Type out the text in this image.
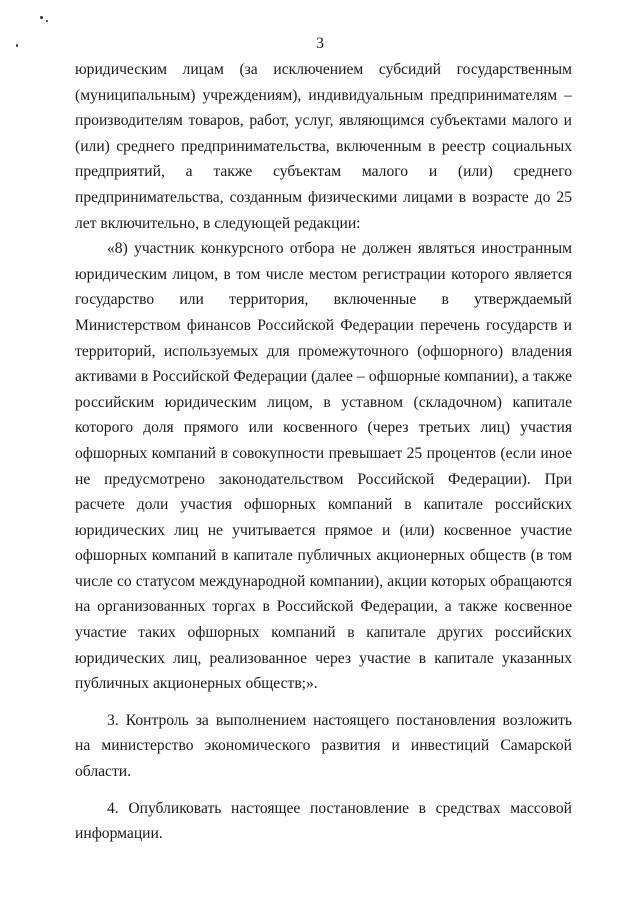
3

юридическим лицам (за исключением субсидий государственным (муниципальным) учреждениям), индивидуальным предпринимателям – производителям товаров, работ, услуг, являющимся субъектами малого и (или) среднего предпринимательства, включенным в реестр социальных предприятий, а также субъектам малого и (или) среднего предпринимательства, созданным физическими лицами в возрасте до 25 лет включительно, в следующей редакции:

«8) участник конкурсного отбора не должен являться иностранным юридическим лицом, в том числе местом регистрации которого является государство или территория, включенные в утверждаемый Министерством финансов Российской Федерации перечень государств и территорий, используемых для промежуточного (офшорного) владения активами в Российской Федерации (далее – офшорные компании), а также российским юридическим лицом, в уставном (складочном) капитале которого доля прямого или косвенного (через третьих лиц) участия офшорных компаний в совокупности превышает 25 процентов (если иное не предусмотрено законодательством Российской Федерации). При расчете доли участия офшорных компаний в капитале российских юридических лиц не учитывается прямое и (или) косвенное участие офшорных компаний в капитале публичных акционерных обществ (в том числе со статусом международной компании), акции которых обращаются на организованных торгах в Российской Федерации, а также косвенное участие таких офшорных компаний в капитале других российских юридических лиц, реализованное через участие в капитале указанных публичных акционерных обществ;».

3. Контроль за выполнением настоящего постановления возложить на министерство экономического развития и инвестиций Самарской области.

4. Опубликовать настоящее постановление в средствах массовой информации.
